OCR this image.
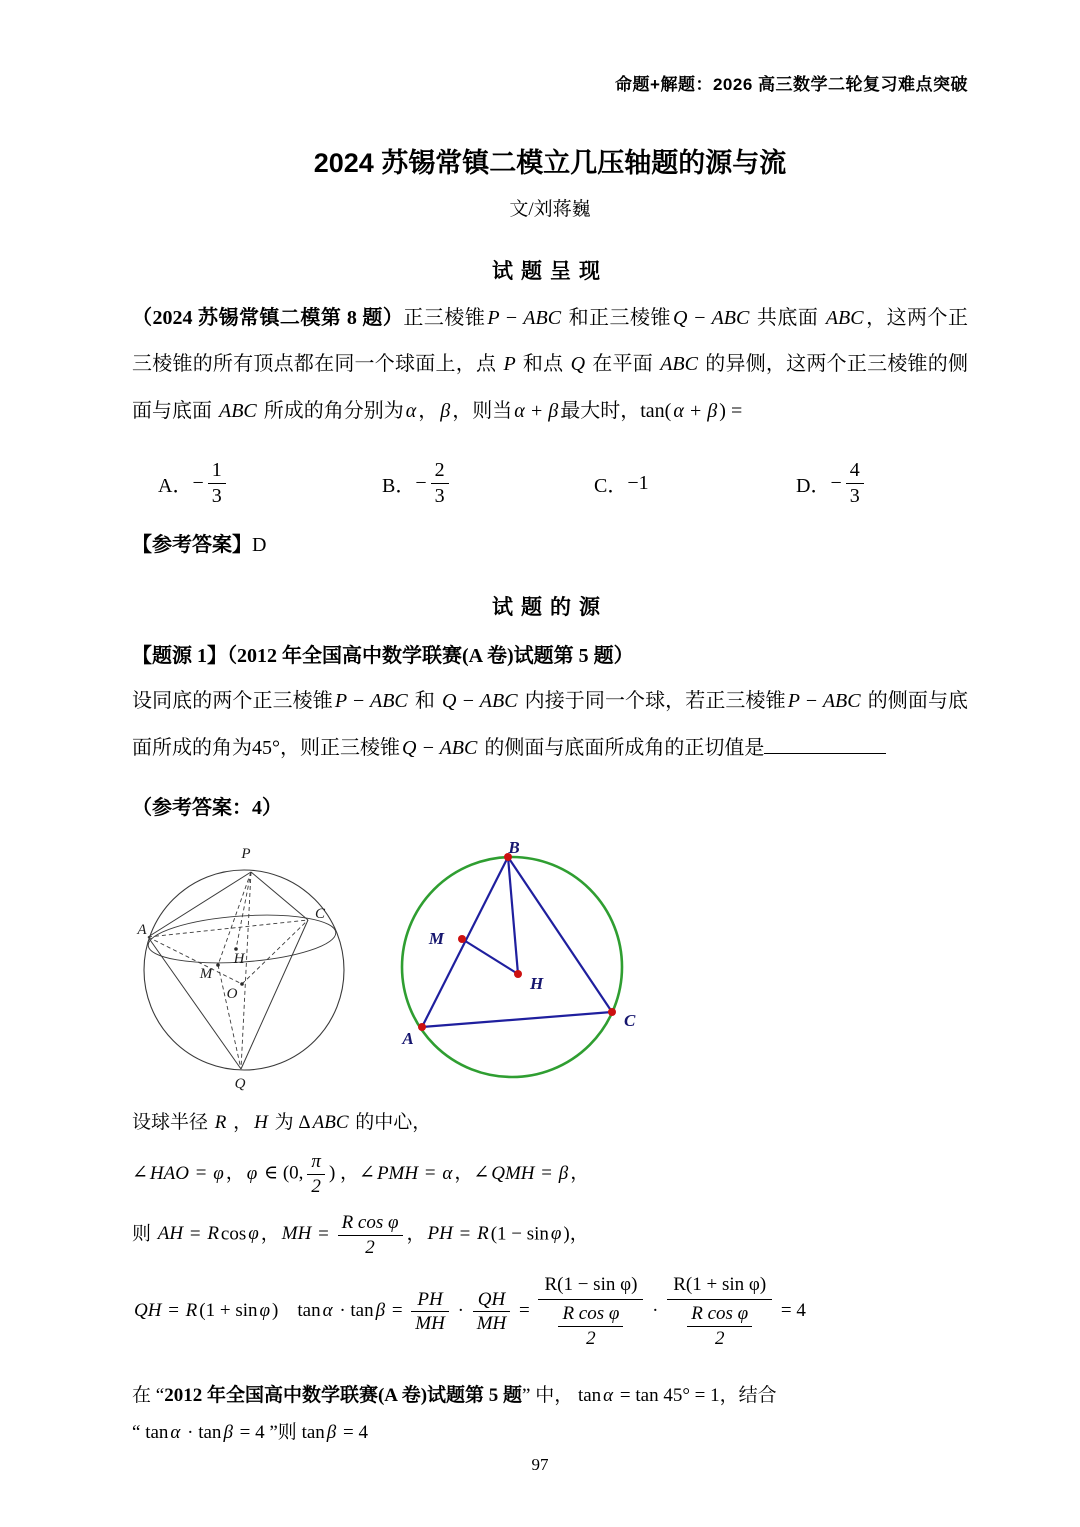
命题+解题：2026 高三数学二轮复习难点突破
2024 苏锡常镇二模立几压轴题的源与流
文/刘蒋巍
试题呈现

（2024 苏锡常镇二模第 8 题）正三棱锥 P − ABC 和正三棱锥 Q − ABC 共底面 ABC ，这两个正三棱锥的所有顶点都在同一个球面上，点 P 和点 Q 在平面 ABC 的异侧，这两个正三棱锥的侧面与底面 ABC 所成的角分别为 α ， β ，则当 α + β 最大时，tan( α + β ) =

A． − $\frac{1}{3}$	B． − $\frac{2}{3}$	C． −1	D． − $\frac{4}{3}$
【参考答案】D
试题的源
【题源 1】（2012 年全国高中数学联赛(A 卷)试题第 5 题）

设同底的两个正三棱锥 P − ABC 和 Q − ABC 内接于同一个球，若正三棱锥 P − ABC 的侧面与底面所成的角为45°，则正三棱锥 Q − ABC 的侧面与底面所成角的正切值是

（参考答案：4）
P
A
C
H
M
O
Q
B
M
H
A
C
设球半径 R ， H 为 Δ ABC 的中心，
∠ HAO = φ ， φ ∈ (0, $\frac{\pi}{2}$ ) ，∠ PMH = α ，∠ QMH = β ，
则 AH = R cos φ ， MH = $\frac{\text{R cos φ}}{2}$ ， PH = R (1 − sin φ )，
QH = R (1 + sin φ )　 $\tan \alpha \cdot \tan \beta = \frac{PH}{MH} \cdot \frac{QH}{MH} = \frac{\text{R(1 − sin φ)}}{\frac{\text{R cos φ}}{2}} \cdot \frac{\text{R(1 + sin φ)}}{\frac{\text{R cos φ}}{2}} = 4$
在 “2012 年全国高中数学联赛(A 卷)试题第 5 题” 中， tan α = tan 45° = 1，结合
“ tan α · tan β = 4 ”则 tan β = 4
97
